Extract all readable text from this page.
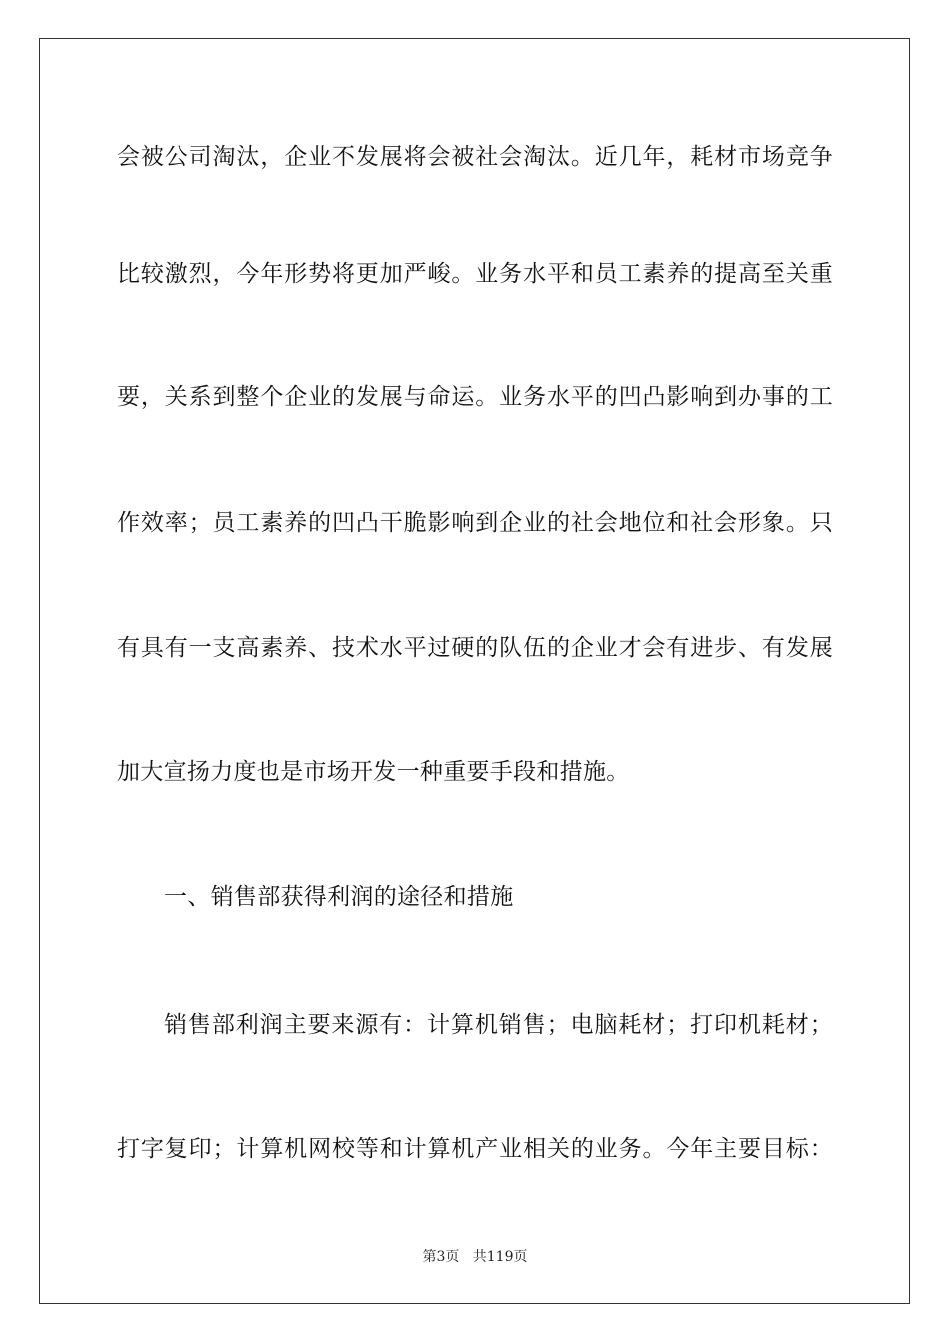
会被公司淘汰，企业不发展将会被社会淘汰。近几年，耗材市场竞争
比较激烈，今年形势将更加严峻。业务水平和员工素养的提高至关重
要，关系到整个企业的发展与命运。业务水平的凹凸影响到办事的工
作效率；员工素养的凹凸干脆影响到企业的社会地位和社会形象。只
有具有一支高素养、技术水平过硬的队伍的企业才会有进步、有发展
加大宣扬力度也是市场开发一种重要手段和措施。
一、销售部获得利润的途径和措施
销售部利润主要来源有：计算机销售；电脑耗材；打印机耗材；
打字复印；计算机网校等和计算机产业相关的业务。今年主要目标：
第3页 共119页
